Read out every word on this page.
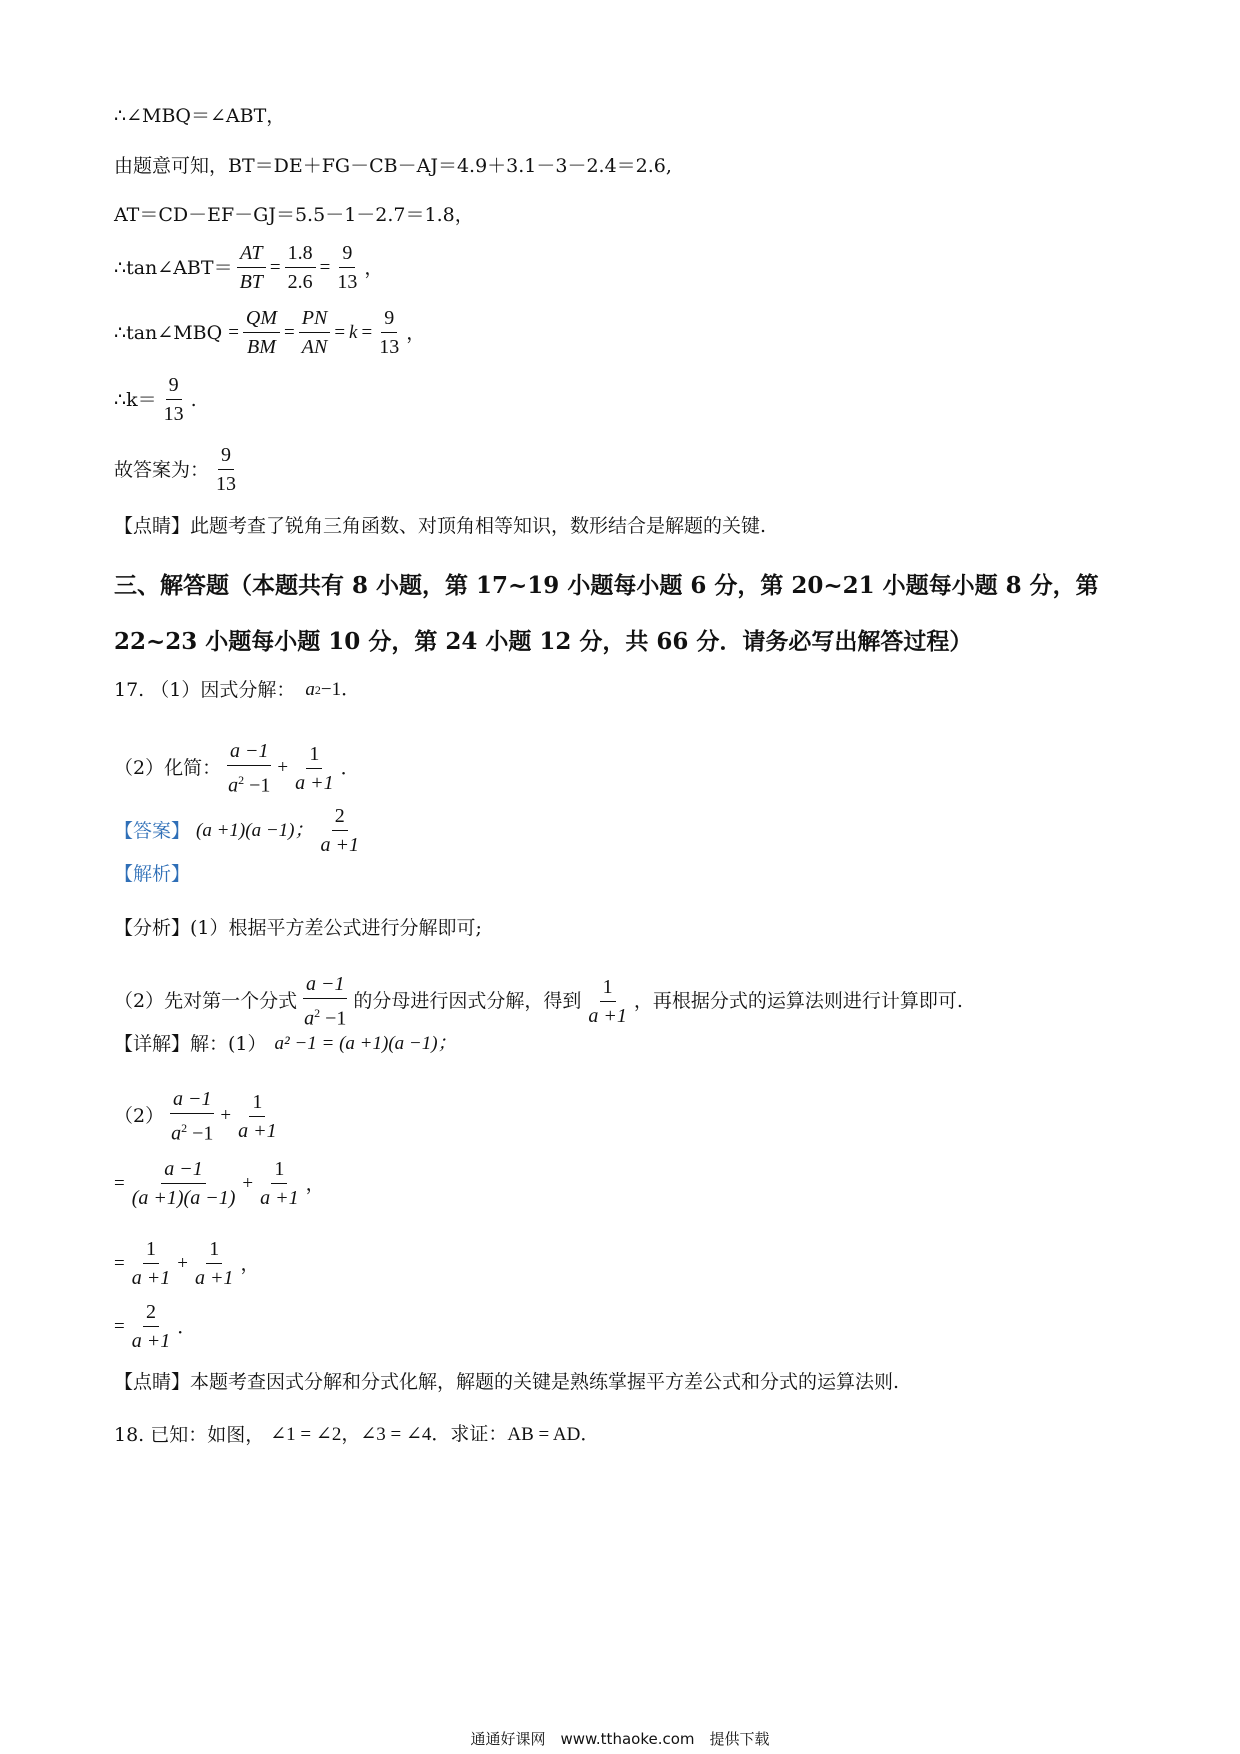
∴∠MBQ＝∠ABT，
由题意可知，BT＝DE＋FG－CB－AJ＝4.9＋3.1－3－2.4＝2.6,
AT＝CD－EF－GJ＝5.5－1－2.7＝1.8，
∴tan∠ABT＝ $\frac{AT}{BT} = \frac{1.8}{2.6} = \frac{9}{13}$ ，
∴tan∠MBQ = $\frac{QM}{BM} = \frac{PN}{AN} = k = \frac{9}{13}$ ，
∴k＝ $\frac{9}{13}$ .
故答案为： $\frac{9}{13}$
【点睛】此题考查了锐角三角函数、对顶角相等知识，数形结合是解题的关键.
三、解答题（本题共有 8 小题，第 17~19 小题每小题 6 分，第 20~21 小题每小题 8 分，第 22~23 小题每小题 10 分，第 24 小题 12 分，共 66 分．请务必写出解答过程）
17. （1）因式分解： a 2 −1．
（2）化简： $\frac{a -1}{a^2 -1} + \frac{1}{a +1}$ ．
【答案】 (a +1)(a −1)； $\frac{2}{a +1}$
【解析】
【分析】(1）根据平方差公式进行分解即可;
（2）先对第一个分式 $\frac{a -1}{a^2 -1}$ 的分母进行因式分解，得到 $\frac{1}{a +1}$ ，再根据分式的运算法则进行计算即可.
【详解】解：(1） a² −1 = (a +1)(a −1)；
$(2) \frac{a -1}{a^2 -1} + \frac{1}{a +1}$
= $\frac{a -1}{(a +1)(a -1)} + \frac{1}{a +1}$ ，
= $\frac{1}{a +1} + \frac{1}{a +1}$ ，
= $\frac{2}{a +1}$ ．
【点睛】本题考查因式分解和分式化解，解题的关键是熟练掌握平方差公式和分式的运算法则.
18. 已知：如图， ∠1 = ∠2，∠3 = ∠4．求证：AB = AD．
通通好课网　www.tthaoke.com　提供下载
